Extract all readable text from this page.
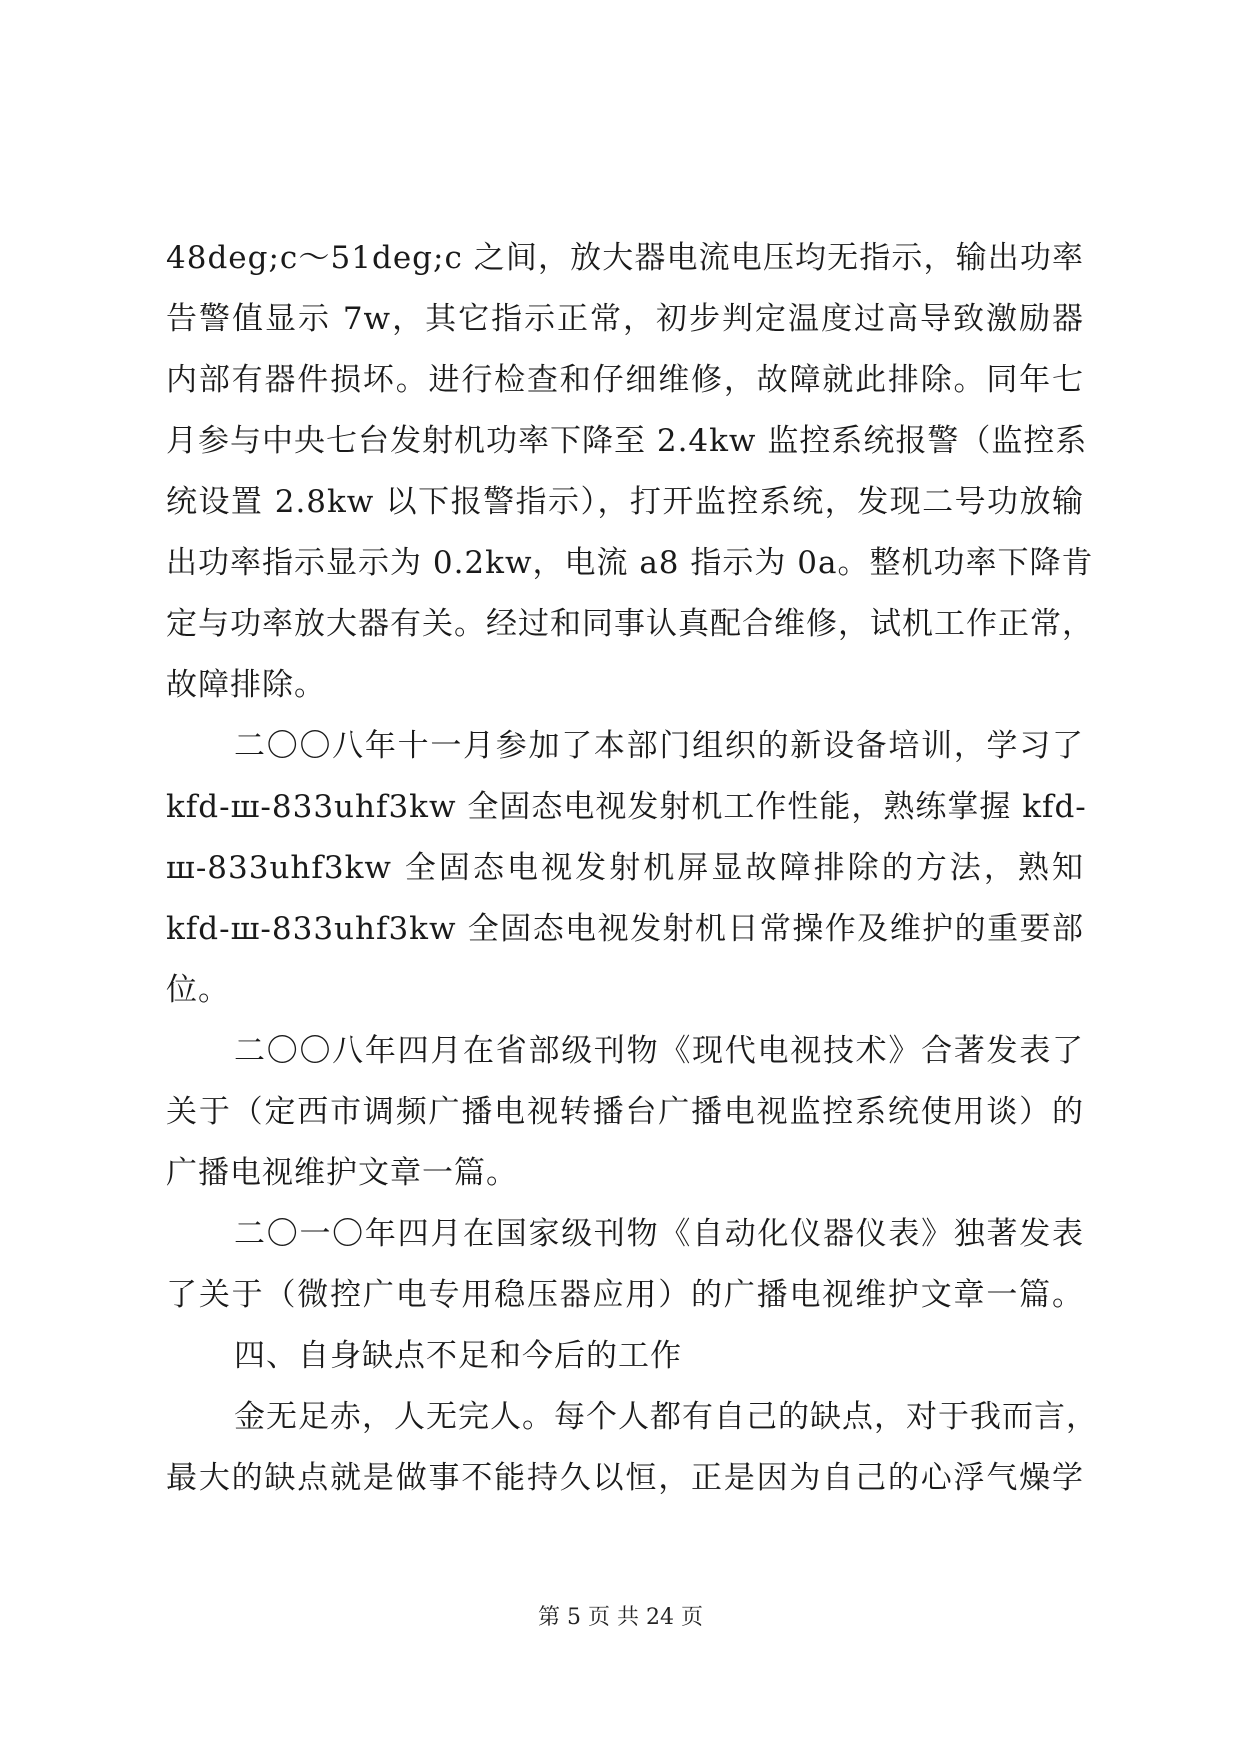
48deg;c～51deg;c 之间，放大器电流电压均无指示，输出功率
告警值显示 7w，其它指示正常，初步判定温度过高导致激励器
内部有器件损坏。进行检查和仔细维修，故障就此排除。同年七
月参与中央七台发射机功率下降至 2.4kw 监控系统报警（监控系
统设置 2.8kw 以下报警指示），打开监控系统，发现二号功放输
出功率指示显示为 0.2kw，电流 a8 指示为 0a。整机功率下降肯
定与功率放大器有关。经过和同事认真配合维修，试机工作正常，
故障排除。
二〇〇八年十一月参加了本部门组织的新设备培训，学习了
kfd-ш-833uhf3kw 全固态电视发射机工作性能，熟练掌握 kfd-
ш-833uhf3kw 全固态电视发射机屏显故障排除的方法，熟知
kfd-ш-833uhf3kw 全固态电视发射机日常操作及维护的重要部
位。
二〇〇八年四月在省部级刊物《现代电视技术》合著发表了
关于（定西市调频广播电视转播台广播电视监控系统使用谈）的
广播电视维护文章一篇。
二〇一〇年四月在国家级刊物《自动化仪器仪表》独著发表
了关于（微控广电专用稳压器应用）的广播电视维护文章一篇。
四、自身缺点不足和今后的工作
金无足赤，人无完人。每个人都有自己的缺点，对于我而言，
最大的缺点就是做事不能持久以恒，正是因为自己的心浮气燥学
第 5 页 共 24 页
